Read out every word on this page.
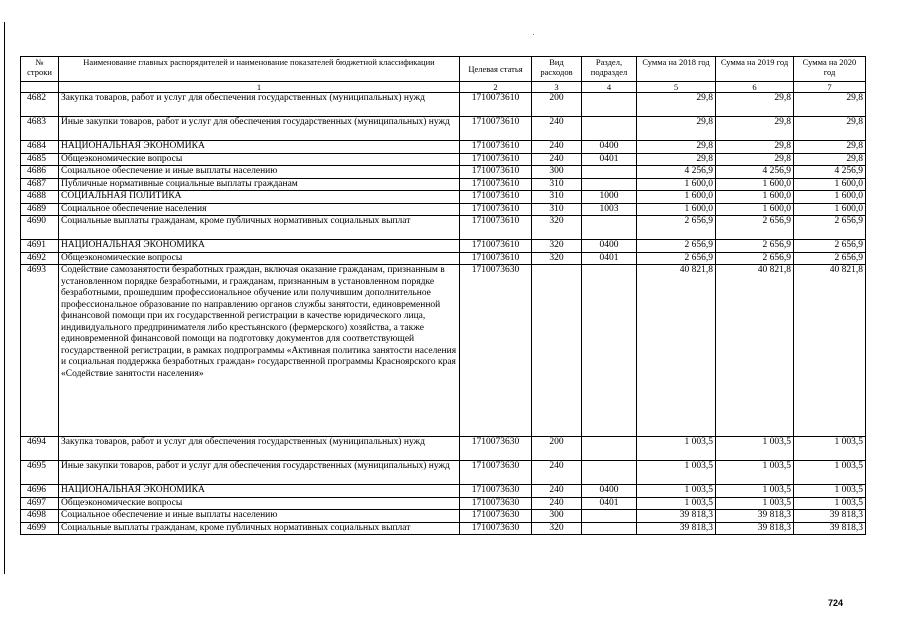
№ строки	Наименование главных распорядителей и наименование показателей бюджетной классификации	Целевая статья	Вид расходов	Раздел, подраздел	Сумма на 2018 год	Сумма на 2019 год	Сумма на 2020 год
	1	2	3	4	5	6	7
4682	Закупка товаров, работ и услуг для обеспечения государственных (муниципальных) нужд	1710073610	200		29,8	29,8	29,8
4683	Иные закупки товаров, работ и услуг для обеспечения государственных (муниципальных) нужд	1710073610	240		29,8	29,8	29,8
4684	НАЦИОНАЛЬНАЯ ЭКОНОМИКА	1710073610	240	0400	29,8	29,8	29,8
4685	Общеэкономические вопросы	1710073610	240	0401	29,8	29,8	29,8
4686	Социальное обеспечение и иные выплаты населению	1710073610	300		4 256,9	4 256,9	4 256,9
4687	Публичные нормативные социальные выплаты гражданам	1710073610	310		1 600,0	1 600,0	1 600,0
4688	СОЦИАЛЬНАЯ ПОЛИТИКА	1710073610	310	1000	1 600,0	1 600,0	1 600,0
4689	Социальное обеспечение населения	1710073610	310	1003	1 600,0	1 600,0	1 600,0
4690	Социальные выплаты гражданам, кроме публичных нормативных социальных выплат	1710073610	320		2 656,9	2 656,9	2 656,9
4691	НАЦИОНАЛЬНАЯ ЭКОНОМИКА	1710073610	320	0400	2 656,9	2 656,9	2 656,9
4692	Общеэкономические вопросы	1710073610	320	0401	2 656,9	2 656,9	2 656,9
4693	Содействие самозанятости безработных граждан, включая оказание гражданам, признанным в установленном порядке безработными, и гражданам, признанным в установленном порядке безработными, прошедшим профессиональное обучение или получившим дополнительное профессиональное образование по направлению органов службы занятости, единовременной финансовой помощи при их государственной регистрации в качестве юридического лица, индивидуального предпринимателя либо крестьянского (фермерского) хозяйства, а также единовременной финансовой помощи на подготовку документов для соответствующей государственной регистрации, в рамках подпрограммы «Активная политика занятости населения и социальная поддержка безработных граждан» государственной программы Красноярского края «Содействие занятости населения»	1710073630			40 821,8	40 821,8	40 821,8
4694	Закупка товаров, работ и услуг для обеспечения государственных (муниципальных) нужд	1710073630	200		1 003,5	1 003,5	1 003,5
4695	Иные закупки товаров, работ и услуг для обеспечения государственных (муниципальных) нужд	1710073630	240		1 003,5	1 003,5	1 003,5
4696	НАЦИОНАЛЬНАЯ ЭКОНОМИКА	1710073630	240	0400	1 003,5	1 003,5	1 003,5
4697	Общеэкономические вопросы	1710073630	240	0401	1 003,5	1 003,5	1 003,5
4698	Социальное обеспечение и иные выплаты населению	1710073630	300		39 818,3	39 818,3	39 818,3
4699	Социальные выплаты гражданам, кроме публичных нормативных социальных выплат	1710073630	320		39 818,3	39 818,3	39 818,3
724
